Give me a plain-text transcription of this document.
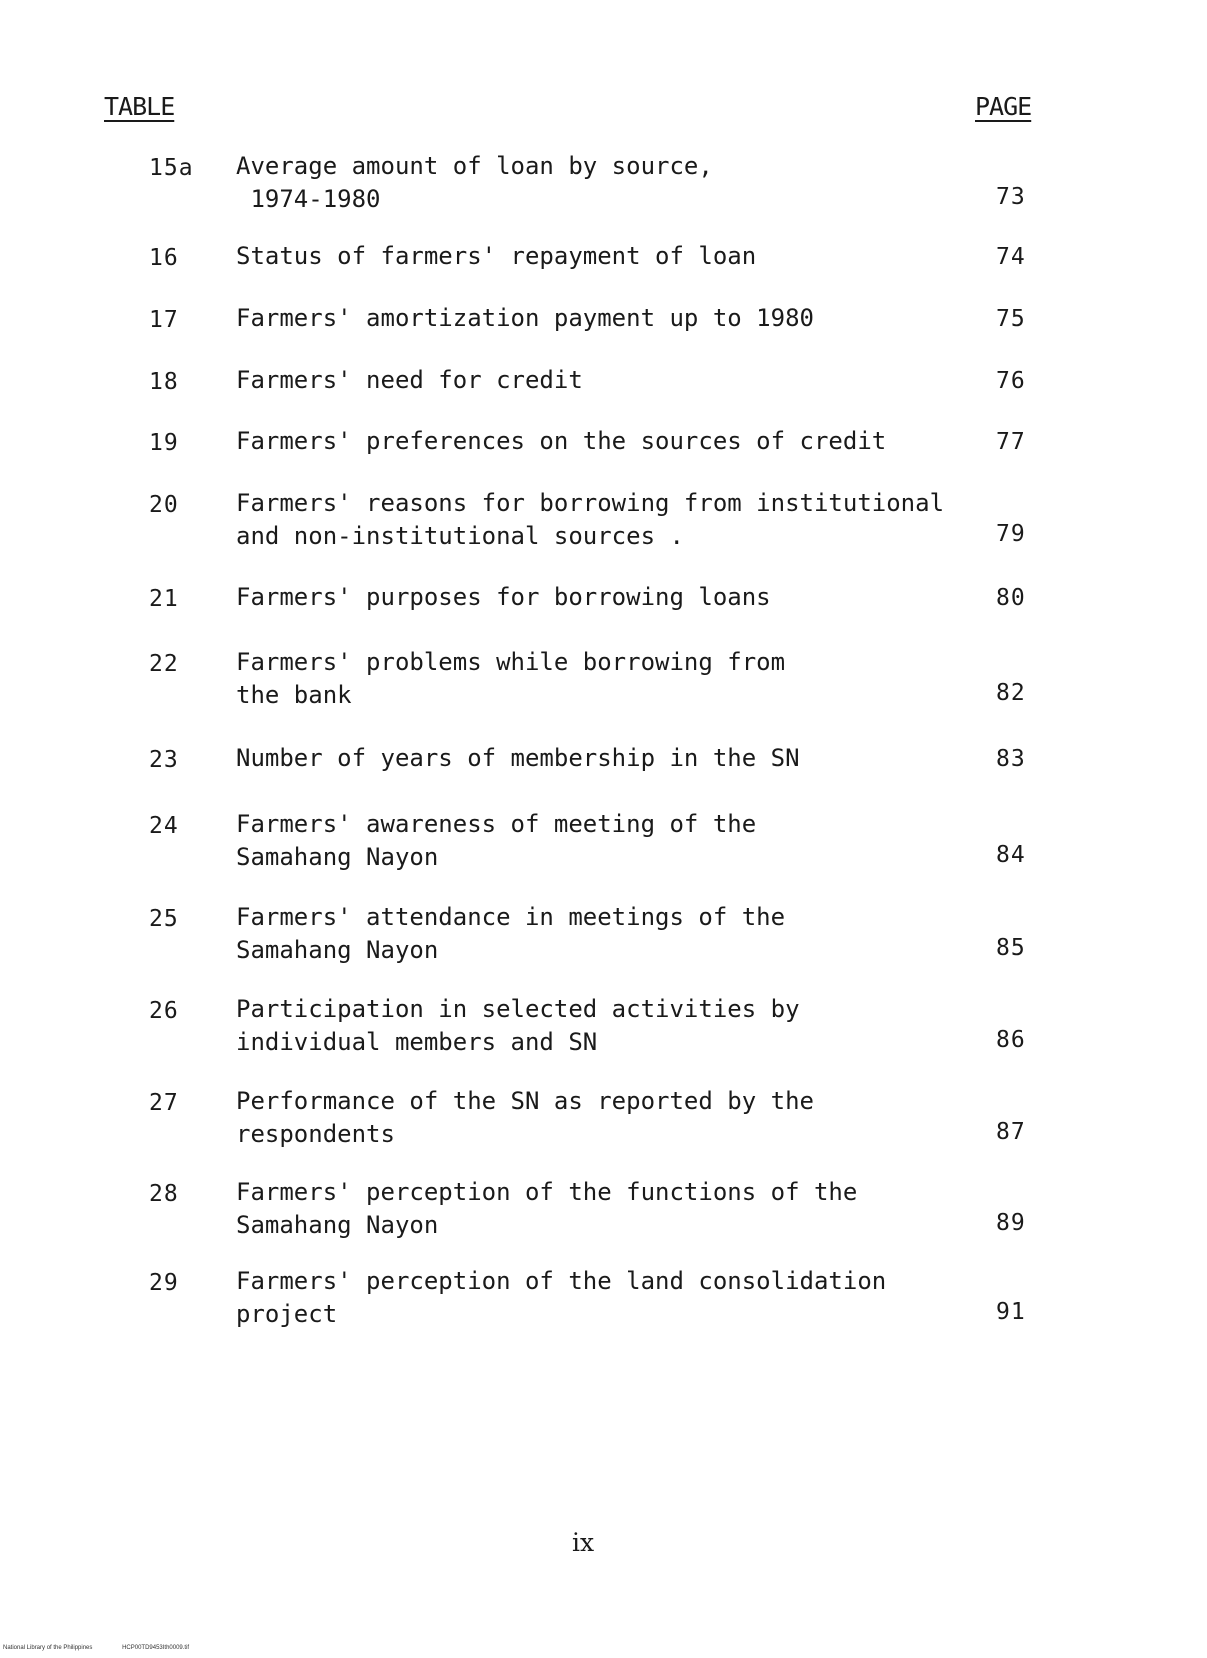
TABLE	PAGE
15a Average amount of loan by source,
1974-1980	73
16 Status of farmers' repayment of loan	74
17 Farmers' amortization payment up to 1980	75
18 Farmers' need for credit	76
19 Farmers' preferences on the sources of credit	77
20 Farmers' reasons for borrowing from institutional
and non-institutional sources .	79
21 Farmers' purposes for borrowing loans	80
22 Farmers' problems while borrowing from
the bank	82
23 Number of years of membership in the SN	83
24 Farmers' awareness of meeting of the
Samahang Nayon	84
25 Farmers' attendance in meetings of the
Samahang Nayon	85
26 Participation in selected activities by
individual members and SN	86
27 Performance of the SN as reported by the
respondents	87
28 Farmers' perception of the functions of the
Samahang Nayon	89
29 Farmers' perception of the land consolidation
project	91
ix
National Library of the Philippines	HCP00TD9453Ith0009.tif
